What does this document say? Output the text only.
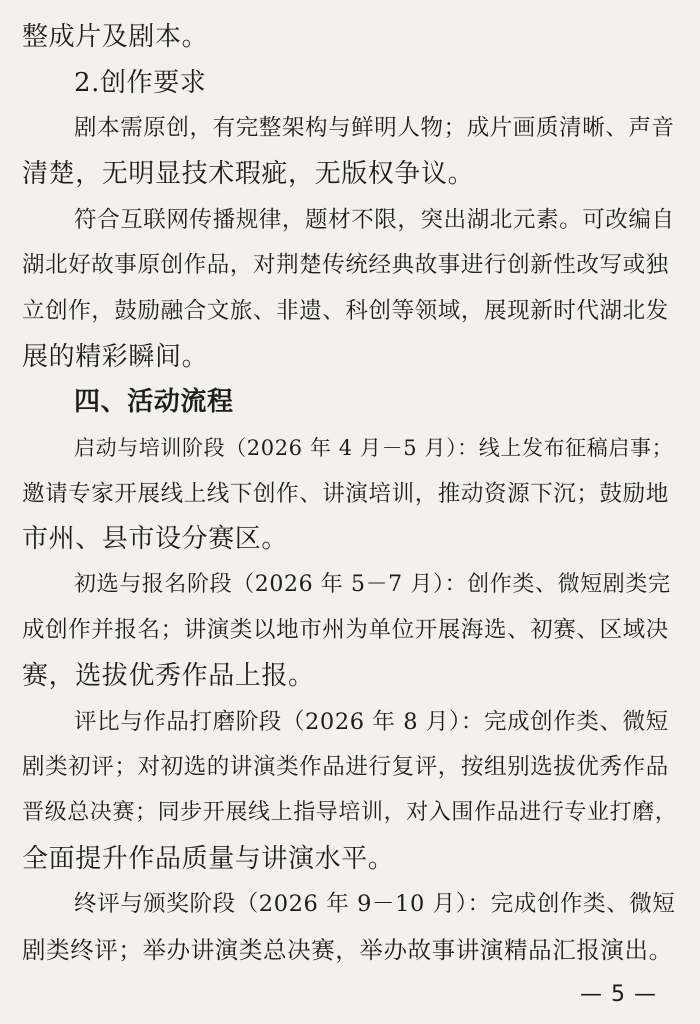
整成片及剧本。
2.创作要求
剧本需原创，有完整架构与鲜明人物；成片画质清晰、声音
清楚，无明显技术瑕疵，无版权争议。
符合互联网传播规律，题材不限，突出湖北元素。可改编自
湖北好故事原创作品，对荆楚传统经典故事进行创新性改写或独
立创作，鼓励融合文旅、非遗、科创等领域，展现新时代湖北发
展的精彩瞬间。
四、活动流程
启动与培训阶段（2026 年 4 月－5 月）：线上发布征稿启事；
邀请专家开展线上线下创作、讲演培训，推动资源下沉；鼓励地
市州、县市设分赛区。
初选与报名阶段（2026 年 5－7 月）：创作类、微短剧类完
成创作并报名；讲演类以地市州为单位开展海选、初赛、区域决
赛，选拔优秀作品上报。
评比与作品打磨阶段（2026 年 8 月）：完成创作类、微短
剧类初评；对初选的讲演类作品进行复评，按组别选拔优秀作品
晋级总决赛；同步开展线上指导培训，对入围作品进行专业打磨，
全面提升作品质量与讲演水平。
终评与颁奖阶段（2026 年 9－10 月）：完成创作类、微短
剧类终评；举办讲演类总决赛，举办故事讲演精品汇报演出。
— 5 —
